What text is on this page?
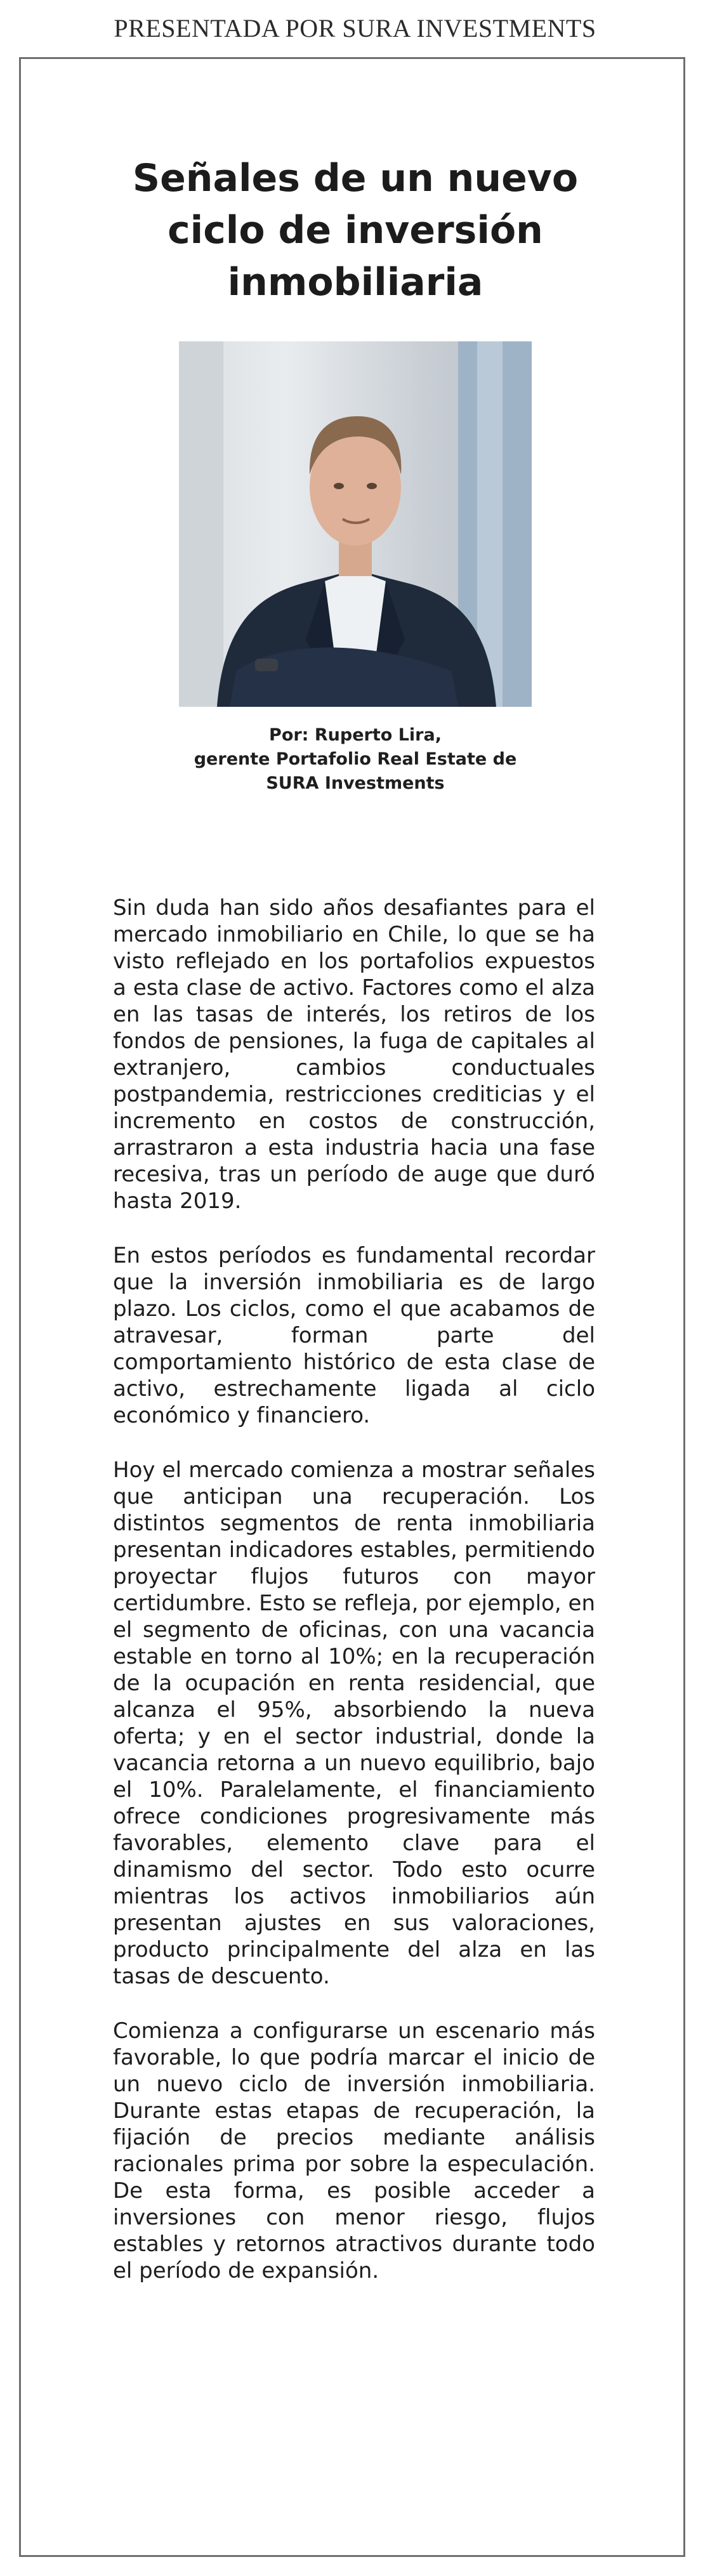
PRESENTADA POR SURA INVESTMENTS
Señales de un nuevo
ciclo de inversión
inmobiliaria
Por: Ruperto Lira,
gerente Portafolio Real Estate de
SURA Investments

Sin duda han sido años desafiantes para el mercado inmobiliario en Chile, lo que se ha visto reflejado en los portafolios expuestos a esta clase de activo. Factores como el alza en las tasas de interés, los retiros de los fondos de pensiones, la fuga de capitales al extranjero, cambios conductuales postpandemia, restricciones crediticias y el incremento en costos de construcción, arrastraron a esta industria hacia una fase recesiva, tras un período de auge que duró hasta 2019.

En estos períodos es fundamental recordar que la inversión inmobiliaria es de largo plazo. Los ciclos, como el que acabamos de atravesar, forman parte del comportamiento histórico de esta clase de activo, estrechamente ligada al ciclo económico y financiero.

Hoy el mercado comienza a mostrar señales que anticipan una recuperación. Los distintos segmentos de renta inmobiliaria presentan indicadores estables, permitiendo proyectar flujos futuros con mayor certidumbre. Esto se refleja, por ejemplo, en el segmento de oficinas, con una vacancia estable en torno al 10%; en la recuperación de la ocupación en renta residencial, que alcanza el 95%, absorbiendo la nueva oferta; y en el sector industrial, donde la vacancia retorna a un nuevo equilibrio, bajo el 10%. Paralelamente, el financiamiento ofrece condiciones progresivamente más favorables, elemento clave para el dinamismo del sector. Todo esto ocurre mientras los activos inmobiliarios aún presentan ajustes en sus valoraciones, producto principalmente del alza en las tasas de descuento.

Comienza a configurarse un escenario más favorable, lo que podría marcar el inicio de un nuevo ciclo de inversión inmobiliaria. Durante estas etapas de recuperación, la fijación de precios mediante análisis racionales prima por sobre la especulación. De esta forma, es posible acceder a inversiones con menor riesgo, flujos estables y retornos atractivos durante todo el período de expansión.
